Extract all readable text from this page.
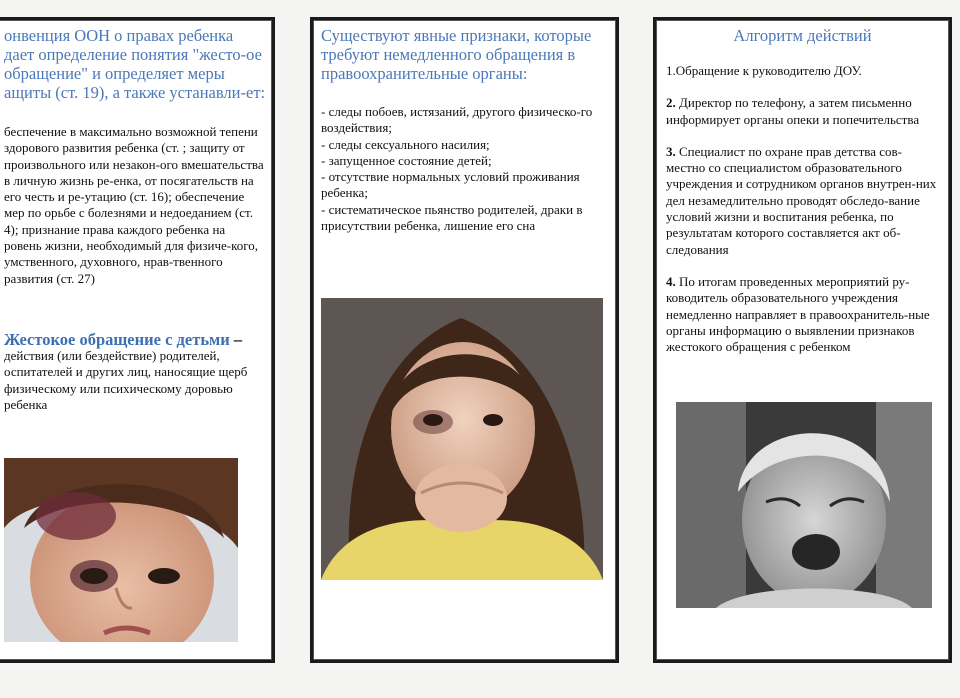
онвенция ООН о правах ребенка дает определение понятия "жесто-ое обращение" и определяет меры ащиты (ст. 19), а также устанавли-ет:
беспечение в максимально возможной тепени здорового развития ребенка (ст. ; защиту от произвольного или незакон-ого вмешательства в личную жизнь ре-енка, от посягательств на его честь и ре-утацию (ст. 16); обеспечение мер по орьбе с болезнями и недоеданием (ст. 4); признание права каждого ребенка на ровень жизни, необходимый для физиче-кого, умственного, духовного, нрав-твенного развития (ст. 27)
Жестокое обращение с детьми –
действия (или бездействие) родителей, оспитателей и других лиц, наносящие щерб физическому или психическому доровью ребенка
Существуют явные признаки, которые требуют немедленного обращения в правоохранительные органы:
- следы побоев, истязаний, другого физическо-го воздействия;
- следы сексуального насилия;
- запущенное состояние детей;
- отсутствие нормальных условий проживания ребенка;
- систематическое пьянство родителей, драки в присутствии ребенка, лишение его сна
Алгоритм действий

1.Обращение к руководителю ДОУ.

2. Директор по телефону, а затем письменно информирует органы опеки и попечительства

3. Специалист по охране прав детства сов-местно со специалистом образовательного учреждения и сотрудником органов внутрен-них дел незамедлительно проводят обследо-вание условий жизни и воспитания ребенка, по результатам которого составляется акт об-следования

4. По итогам проведенных мероприятий ру-ководитель образовательного учреждения немедленно направляет в правоохранитель-ные органы информацию о выявлении признаков жестокого обращения с ребенком
